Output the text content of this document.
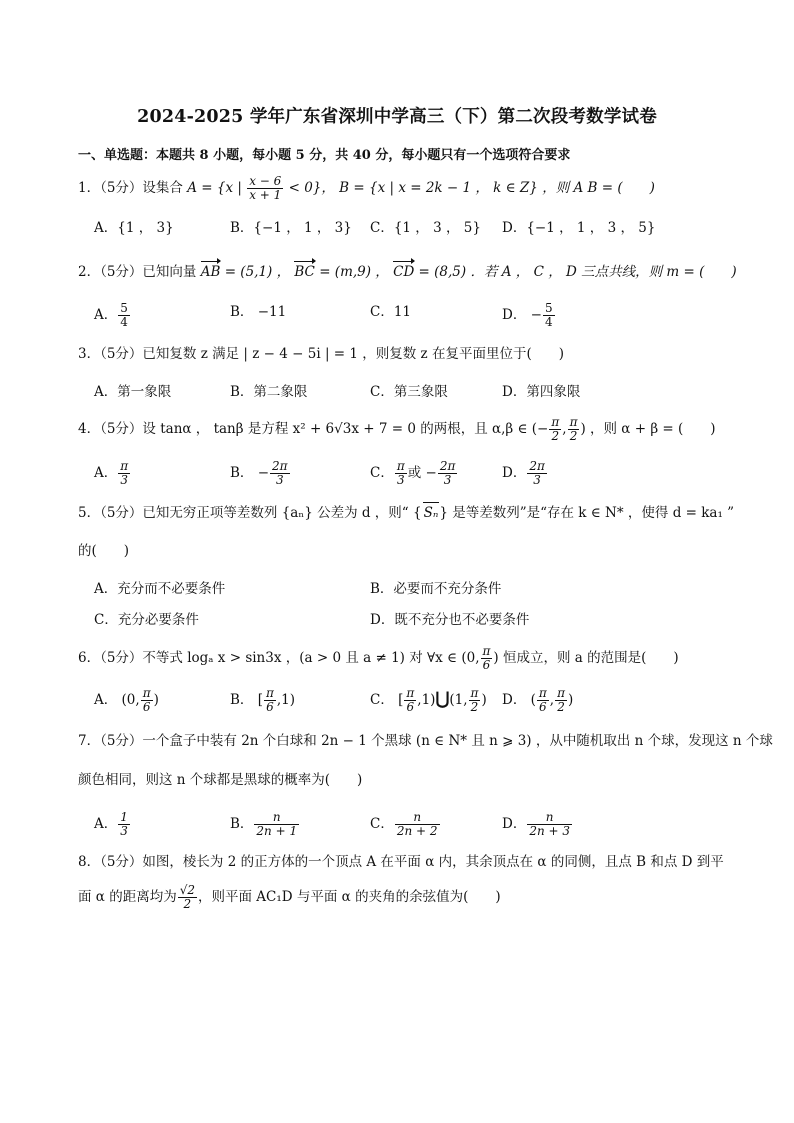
2024-2025 学年广东省深圳中学高三（下）第二次段考数学试卷
一、单选题：本题共 8 小题，每小题 5 分，共 40 分，每小题只有一个选项符合要求
1．（5分）设集合 A = {x | $\frac{x - 6}{x + 1} < 0$}， B = {x | x = 2k − 1 ， k ∈ Z} ，则 A B = (　　)
A．{1 ， 3}	B．{−1 ， 1 ， 3} C．{1 ， 3 ， 5} D．{−1 ， 1 ， 3 ， 5}
2．（5分）已知向量 AB = (5,1) ， BC = (m,9) ， CD = (8,5) ．若 A ， C ， D 三点共线，则 m = (　　)
A． $\frac{5}{4}$	B． −11	C．11	D． − $\frac{5}{4}$
3．（5分）已知复数 z 满足 | z − 4 − 5i | = 1 ，则复数 z 在复平面里位于(　　)
A．第一象限	B．第二象限	C．第三象限	D．第四象限
4．（5分）设 tanα ， tanβ 是方程 x² + 6√3x + 7 = 0 的两根，且 α,β ∈ (− $\frac{\pi}{2}$ , $\frac{\pi}{2}$ ) ，则 α + β = (　　)
A． $\frac{\pi}{3}$	B． − $\frac{2\pi}{3}$	C． $\frac{\pi}{3}$ 或 − $\frac{2\pi}{3}$	D． $\frac{2\pi}{3}$
5．（5分）已知无穷正项等差数列 {aₙ} 公差为 d ，则“ { Sₙ} 是等差数列”是“存在 k ∈ N* ，使得 d = ka₁ ”
的(　　)
A．充分而不必要条件	B．必要而不充分条件
C．充分必要条件	D．既不充分也不必要条件
6．（5分）不等式 logₐ x > sin3x ，(a > 0 且 a ≠ 1) 对 ∀x ∈ (0, $\frac{\pi}{6}$ ) 恒成立，则 a 的范围是(　　)
A． (0, $\frac{\pi}{6}$ )	B． [ $\frac{\pi}{6} ,1$)	C． [ $\frac{\pi}{6}$ ,1)⋃(1, $\frac{\pi}{2}$ ) D． ( $\frac{\pi}{6}$ , $\frac{\pi}{2}$ )
7．（5分）一个盒子中装有 2n 个白球和 2n − 1 个黑球 (n ∈ N* 且 n ⩾ 3) ，从中随机取出 n 个球，发现这 n 个球
颜色相同，则这 n 个球都是黑球的概率为(　　)
A． $\frac{1}{3}$	B． $\frac{n}{2n + 1}$	C． $\frac{n}{2n + 2}$	D． $\frac{n}{2n + 3}$
8．（5分）如图，棱长为 2 的正方体的一个顶点 A 在平面 α 内，其余顶点在 α 的同侧，且点 B 和点 D 到平
面 α 的距离均为 $\frac{√2}{2}$ ，则平面 AC₁D 与平面 α 的夹角的余弦值为(　　)
